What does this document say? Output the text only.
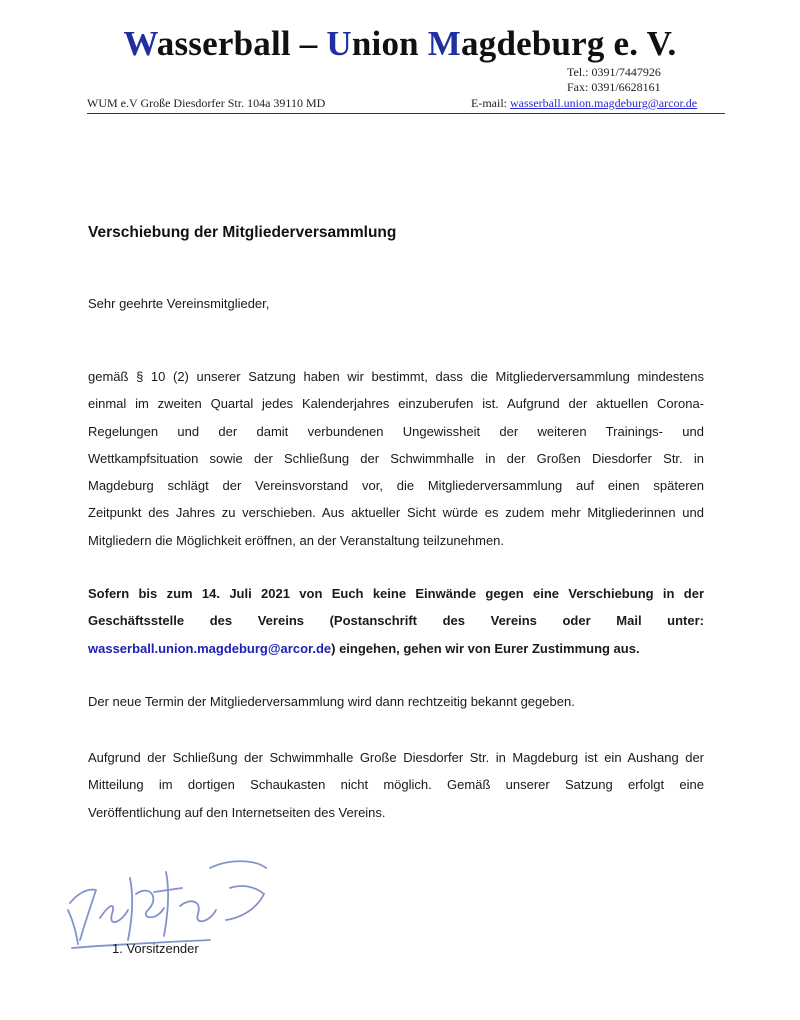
Wasserball – Union Magdeburg e. V.
Tel.: 0391/7447926
Fax: 0391/6628161
WUM e.V Große Diesdorfer Str. 104a 39110 MD	E-mail: wasserball.union.magdeburg@arcor.de
Verschiebung der Mitgliederversammlung
Sehr geehrte Vereinsmitglieder,
gemäß § 10 (2) unserer Satzung haben wir bestimmt, dass die Mitgliederversammlung mindestens
einmal im zweiten Quartal jedes Kalenderjahres einzuberufen ist. Aufgrund der aktuellen Corona-
Regelungen und der damit verbundenen Ungewissheit der weiteren Trainings- und
Wettkampfsituation sowie der Schließung der Schwimmhalle in der Großen Diesdorfer Str. in
Magdeburg schlägt der Vereinsvorstand vor, die Mitgliederversammlung auf einen späteren
Zeitpunkt des Jahres zu verschieben. Aus aktueller Sicht würde es zudem mehr Mitgliederinnen und
Mitgliedern die Möglichkeit eröffnen, an der Veranstaltung teilzunehmen.
Sofern bis zum 14. Juli 2021 von Euch keine Einwände gegen eine Verschiebung in der
Geschäftsstelle des Vereins (Postanschrift des Vereins oder Mail unter:
wasserball.union.magdeburg@arcor.de) eingehen, gehen wir von Eurer Zustimmung aus.
Der neue Termin der Mitgliederversammlung wird dann rechtzeitig bekannt gegeben.
Aufgrund der Schließung der Schwimmhalle Große Diesdorfer Str. in Magdeburg ist ein Aushang der
Mitteilung im dortigen Schaukasten nicht möglich. Gemäß unserer Satzung erfolgt eine
Veröffentlichung auf den Internetseiten des Vereins.
1. Vorsitzender
